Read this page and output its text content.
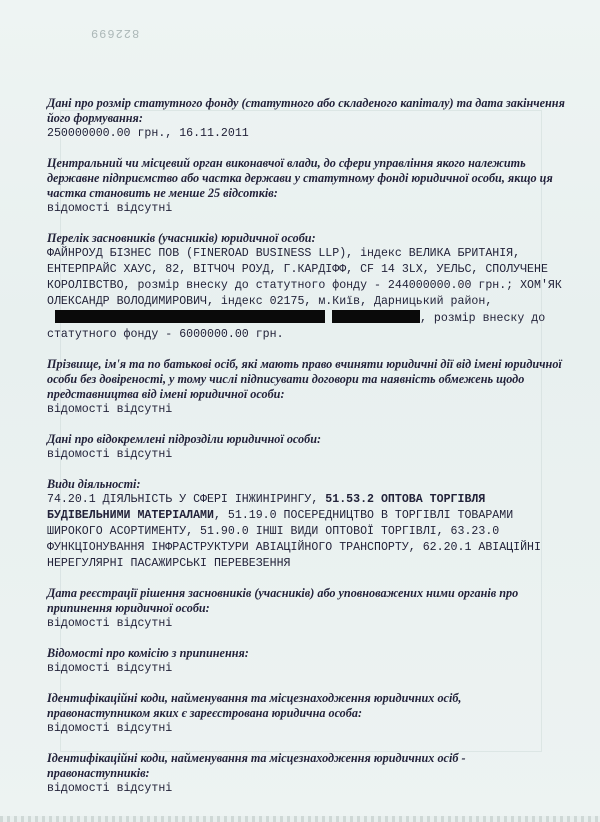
822699
Дані про розмір статутного фонду (статутного або складеного капіталу) та дата закінчення його формування:
250000000.00 грн., 16.11.2011
Центральний чи місцевий орган виконавчої влади, до сфери управління якого належить державне підприємство або частка держави у статутному фонді юридичної особи, якщо ця частка становить не менше 25 відсотків:
відомості відсутні
Перелік засновників (учасників) юридичної особи:
ФАЙНРОУД БІЗНЕС ПОВ (FINEROAD BUSINESS LLP), індекс ВЕЛИКА БРИТАНІЯ, ЕНТЕРПРАЙС ХАУС, 82, ВІТЧОЧ РОУД, Г.КАРДІФФ, CF 14 3LX, УЕЛЬС, СПОЛУЧЕНЕ КОРОЛІВСТВО, розмір внеску до статутного фонду - 244000000.00 грн.; ХОМ'ЯК ОЛЕКСАНДР ВОЛОДИМИРОВИЧ, індекс 02175, м.Київ, Дарницький район, , розмір внеску до статутного фонду - 6000000.00 грн.
Прізвище, ім'я та по батькові осіб, які мають право вчиняти юридичні дії від імені юридичної особи без довіреності, у тому числі підписувати договори та наявність обмежень щодо представництва від імені юридичної особи:
відомості відсутні
Дані про відокремлені підрозділи юридичної особи:
відомості відсутні
Види діяльності:
74.20.1 ДІЯЛЬНІСТЬ У СФЕРІ ІНЖИНІРИНГУ, 51.53.2 ОПТОВА ТОРГІВЛЯ БУДІВЕЛЬНИМИ МАТЕРІАЛАМИ, 51.19.0 ПОСЕРЕДНИЦТВО В ТОРГІВЛІ ТОВАРАМИ ШИРОКОГО АСОРТИМЕНТУ, 51.90.0 ІНШІ ВИДИ ОПТОВОЇ ТОРГІВЛІ, 63.23.0 ФУНКЦІОНУВАННЯ ІНФРАСТРУКТУРИ АВІАЦІЙНОГО ТРАНСПОРТУ, 62.20.1 АВІАЦІЙНІ НЕРЕГУЛЯРНІ ПАСАЖИРСЬКІ ПЕРЕВЕЗЕННЯ
Дата реєстрації рішення засновників (учасників) або уповноважених ними органів про припинення юридичної особи:
відомості відсутні
Відомості про комісію з припинення:
відомості відсутні
Ідентифікаційні коди, найменування та місцезнаходження юридичних осіб, правонаступником яких є зареєстрована юридична особа:
відомості відсутні
Ідентифікаційні коди, найменування та місцезнаходження юридичних осіб - правонаступників:
відомості відсутні
